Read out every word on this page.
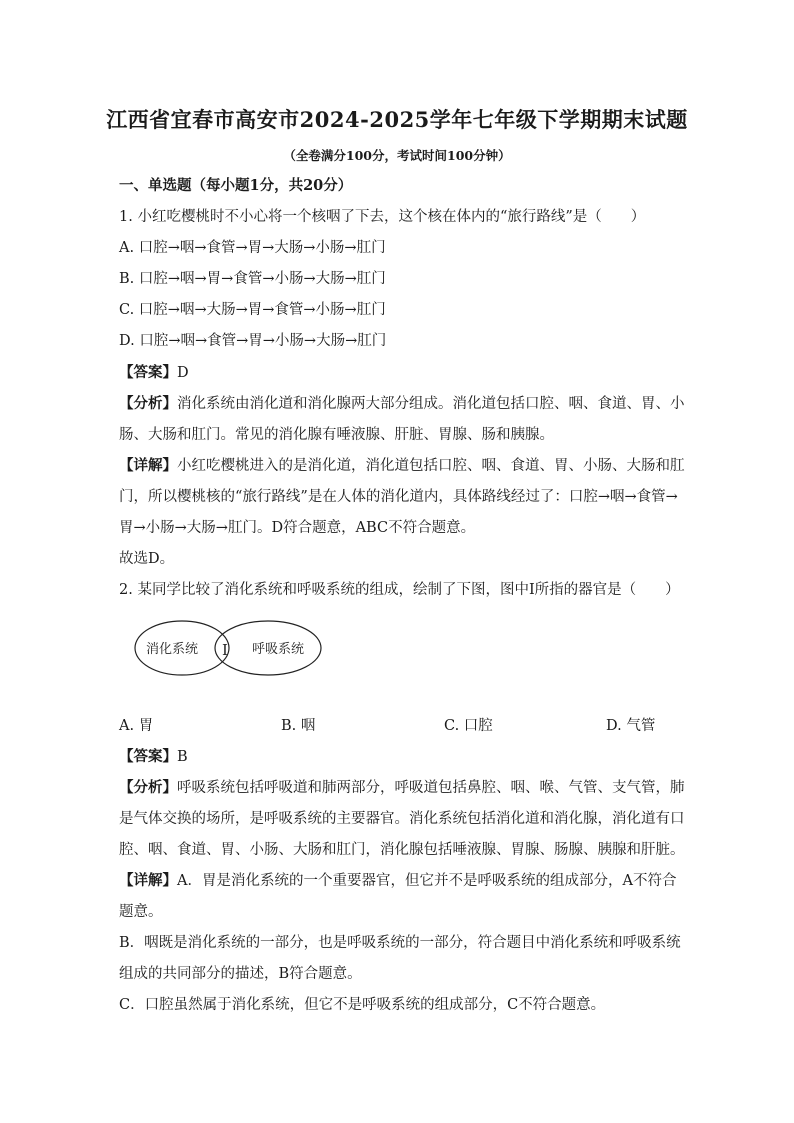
江西省宜春市高安市2024-2025学年七年级下学期期末试题
（全卷满分100分，考试时间100分钟）
一、单选题（每小题1分，共20分）
1. 小红吃樱桃时不小心将一个核咽了下去，这个核在体内的“旅行路线”是（　　）
A. 口腔→咽→食管→胃→大肠→小肠→肛门
B. 口腔→咽→胃→食管→小肠→大肠→肛门
C. 口腔→咽→大肠→胃→食管→小肠→肛门
D. 口腔→咽→食管→胃→小肠→大肠→肛门
【答案】D
【分析】消化系统由消化道和消化腺两大部分组成。消化道包括口腔、咽、食道、胃、小
肠、大肠和肛门。常见的消化腺有唾液腺、肝脏、胃腺、肠和胰腺。
【详解】小红吃樱桃进入的是消化道，消化道包括口腔、咽、食道、胃、小肠、大肠和肛
门，所以樱桃核的“旅行路线”是在人体的消化道内，具体路线经过了：口腔→咽→食管→
胃→小肠→大肠→肛门。D符合题意，ABC不符合题意。
故选D。
2. 某同学比较了消化系统和呼吸系统的组成，绘制了下图，图中Ⅰ所指的器官是（　　）
消化系统 Ⅰ 呼吸系统
A. 胃	B. 咽	C. 口腔	D. 气管
【答案】B
【分析】呼吸系统包括呼吸道和肺两部分，呼吸道包括鼻腔、咽、喉、气管、支气管，肺
是气体交换的场所，是呼吸系统的主要器官。消化系统包括消化道和消化腺，消化道有口
腔、咽、食道、胃、小肠、大肠和肛门，消化腺包括唾液腺、胃腺、肠腺、胰腺和肝脏。
【详解】A．胃是消化系统的一个重要器官，但它并不是呼吸系统的组成部分，A不符合
题意。
B．咽既是消化系统的一部分，也是呼吸系统的一部分，符合题目中消化系统和呼吸系统
组成的共同部分的描述，B符合题意。
C．口腔虽然属于消化系统，但它不是呼吸系统的组成部分，C不符合题意。
